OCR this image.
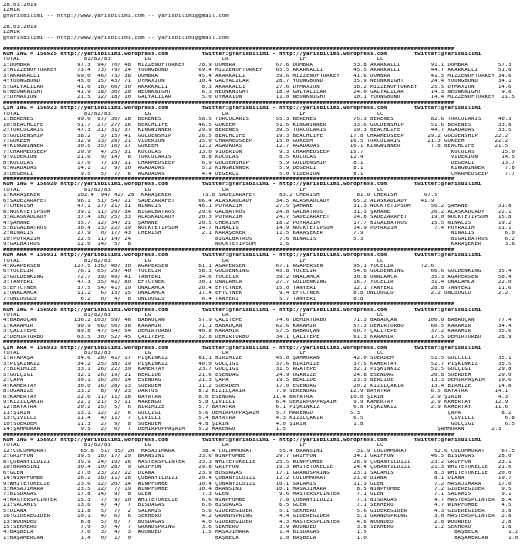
28.03.2019
İZMİR
@YarisBilimi -- http://www.yarisbilimi.com -- yarisbilimi@gmail.com
28.03.2019
İZMİR
@YarisBilimi -- http://www.yarisbilimi.com -- yarisbilimi@gmail.com
######################################################################################################################################
KUM ING = 156925 http://yarisbilimi.wordpress.com          twitter:@YarisBilimi - http://yarisbilimi.wordpress.com        twitter:@YarisBilimi
TOTAL                   81/82/83          LG                     LR                     LF                     LC
1:DOMBRA              97.3  94/ 70/ 48  MIZZENOFTURKEY    78.9 DOMBRA            67.6 DOMBRA            53.8 AKARKALLI         91.1 DOMBRA         57.3
2:MIZZENOFTURKEY      73.4  73/ 79/ 24  YOUNGBOND         69.4 MIZZENOFTURKEY    65.5 AKARKALLI         45.5 AKARKALLI         44.7 AKARKALLI      51.8
3:AKARKALLI           69.0  46/ 73/ 38  DOMBRA            45.4 AKARKALLI         39.6 MIZZENOFTURKEY    41.6 DOMBRA            41.5 MIZZENOFTURKEY 34.6
4:YOUNGBOND           45.0  15/ 43/ 71  DYMAXION          10.4 GALYALILAR        28.7 YOUNGBOND         35.9 NEONKNIGHT        24.4 YOUNGBOND      34.1
5:GALYALILAR          41.6  18/ 60/ 30  AKARKALLI          8.3 AKARKALLI         27.6 DYMAXION          38.2 MIZZENOFTURKEY    25.5 DYMAXION       14.6
6:NEONKNIGHT          41.9  18/ 30/ 20  NEONKNIGHT         6.3 NEONKNIGHT        18.9 GALYALILAR        24.0 GALYALILAR        14.3 NEONKNIGHT      9.8
7:DYMAXION            21.5  12/ 18/ 10  GALYALILAR         5.0 DYMAXION          11.0 NEONKNIGHT        10.1 YOUNGBOND         14.4 MIZZENOFTURKEY  21.5
######################################################################################################################################
ÇİM ING = 156923 http://yarisbilimi.wordpress.com          twitter:@YarisBilimi - http://yarisbilimi.wordpress.com        twitter:@YarisBilimi
TOTAL                   81/82/83          LG                     LR                     LF                     LC
1:BERENES             99.0  87/ 30/ 18  BERENES           58.5 TORCULARIS        55.3 BERENES           75.3 BERENES           82.6 TORCULARIS     40.3
10:BEACHLIFE          51.7  27/ 27/ 16  BEACHLIFE         46.5 GOKEEM            51.6 KINGWINNER        33.6 GOLDENSHIP        51.6 BERENES        33.8
2:TORCULARIS          47.3  21/ 31/ 37  KINGWINNER        29.9 BERENES           39.5 TORCULARIS        19.3 BEACHLIFE         44.7 AGADADAS       33.5
5:GOLDENSHIP          38.2   3/ 15/ 41  GOLDENSHIP        26.5 BEACHLIFE         19.3 BEACHLIFE        17.8 CHARMEDSEEP       29.2 GOLDENSHIP     22.2
7:GOKEEM              32.9  13/ 28/ 21  VIDERION          15.0 CHARMEDSEEP       15.0 GOKEEM           16.5 TORCULARIS        21.3 GOKEEM         22.2
4:KINGWINNER          30.5  35/ 10/ 17  GOKEEM            12.2 AGADADAS          12.7 AGADADAS         16.1 KINGWINNER         7.8 BEACHLIFE      21.5
7:CHARMEDSEEP         29.9   4/ 25/ 31  KOCULAS           13.0 VIDERION           9.3 CHARMEDSEEP      15.7                          KOCULAS        15.0
9:VIDERION            21.6   9/ 14/  8  TORCULARIS         8.8 KOCULAS            8.5 KOCULAS          12.4                          VIDERION       14.5
8:KOCULAS             17.6   7/ 19/ 11  CHARMEDSEEP        6.9 GOLDENSHIP         5.9 GOLDENSHIP        8.1                          DEGERLI        13.7
6:AGADADAS            14.1   1/  9/ 10  AGADADAS           5.2 KINGWINNER         5.9 DEGERLI           8.1                          KINGWINNER      7.8
3:DEGERLI              9.5   5/  7/  6  AGADADAS           4.4 DEGERLI            5.0 VIDERION          8.1                          CHARMEDSEEP     7.7
######################################################################################################################################
KUM ING = 156920 http://yarisbilimi.wordpress.com          twitter:@YarisBilimi - http://yarisbilimi.wordpress.com        twitter:@YarisBilimi
TOTAL                   81/82/83          LG                     LR                     LF                     LC
1:KARAŞEKER           102.4  94/ 42/ 28  KARAŞEKER         73.8 SADEZARAFET       83.2 CHERISH           81.0 CHERISH        67.5
6:SADEZARAFET         96.1  51/ 54/ 21  SADEZARAFET       66.4 ALASKADLADY       34.5 ALASKADLADY       65.2 ALASKADLADY    41.9
7:CHERISH             47.1  27/ 21/ 31  NINALIS           46.1 POYRAZ1M          27.5 ŞAHANE            31.3 NOCKTETIPSUM      56.2 ŞAHANE         31.8
8:NOCKTETIPSUM        39.1  11/ 29/ 34  BIGALBATROS       29.6 GALBATROS         24.8 GALBATROS         31.3 ŞAHANE            26.2 ALASKADLADY    22.1
3:ALASKADLADY         37.4  18/ 25/ 33  ALASKADLADY       20.3 POYRAZ1M          24.7 SADEZARAFET       14.8 SADEZARAFET       19.0 NOCKTETIPSUM   15.8
4:ŞAHANE              35.7  12/ 34/ 21  ŞAHANE            20.5 CHERISH           18.2 POYRAZ1M          17.7 BIGALBATROS       15.5 NINALIS        19.2
5:BIGALBATROS         30.4  13/ 22/ 19  NOCKTETIPSUM      14.7 NINALIS           14.9 NOCKTETIPSUM      14.9 POYRAZ1M           7.4 POYRAZ1M       11.1
2:NINALIS             27.9   0/ 17/ 43  CHERISH            2.1 KARAŞEKER         11.5 KARAŞEKER         7.9                          NINALIS         6.0
10:POYRAZ1M           22.5  11/ 14/ 24                         BIGALBATROS        7.6 NINALIS           5.3                          BIGALBATROS     6.2
9:GALBATROS           12.0  14/  5/  8                         NOCKTETIPSUM       1.6                                                KARAŞEKER       3.6
######################################################################################################################################
KUM ARA = 156931 http://yarisbilimi.wordpress.com          twitter:@YarisBilimi - http://yarisbilimi.wordpress.com        twitter:@YarisBilimi
TOTAL                   81/82/83          LG                     LR                     LF                     LC
4:AGAPERSEN          127.5 136/ 40/ 30  AGAPERSEN         61.1 AGAPERSEN         67.1 AGAPERSEN         95.1 YUCELIR        72.6
6:YUCELIR             76.1  65/ 29/ 40  YUCELIR           58.3 GOLDENKING        45.8 YUCELIR           54.6 GOLDENKING        66.6 GOLDENKING     35.4
2:GOLDENKING          72.7  39/ 49/ 41  TANYERI           34.6 YUCELIR           39.2 UNALAMCA          30.8 UNALAMCA          35.3 AGAPERSEN      58.4
3:TANYERI             47.3  35/ 41/ 80  EFTCTNEK          30.1 UNALAMCA          27.7 GOLDENKING        16.7 YUCELIR           31.4 UNALAMCA       22.0
5:EFTCTNEK            37.5  54/ 41/ 19  UNALAMCA          20.4 EFTCTNEK          15.0 TANYERI           12.1 TANYERI           28.8 TANYERI        11.6
1:UNALAMCA            11.2   6/ 13/ 15  UNALAMCA          17.4 EFTCTNEK           9.4 EFTCTNEK          8.8 UNLUOGLU           2.2 UNLUOGLU        2.2
7:UNLUOGLU             6.2   0/  4/  8  UNLUOGLU           6.4 TANYERI            5.7 TANYERI           8.8
######################################################################################################################################
KUM ING = 156928 http://yarisbilimi.wordpress.com          twitter:@YarisBilimi - http://yarisbilimi.wordpress.com        twitter:@YarisBilimi
TOTAL                   81/82/83          LG                     LR                     LF                     LC
4:BABAUÇAN           136.2 103/ 59/ 46  BABAUÇAN          57.9 ÇALITEPE          74.6 DEMIRTURBO        71.3 BABAUÇAN         100.0 BABAUÇAN       77.4
1:KARAMIR             90.9  66/ 50/ 38  KARAMIR           71.1 BABAUÇAN          62.6 KARAMIR           57.3 DEMIRTURBO        60.5 KARAMIR        34.4
3:ÇALITEPE            89.8  47/ 54/ 54  DEMIRTURBO        40.8 KARAMIR           57.5 BABAUÇAN          60.7 ÇALITEPE          37.2 KARAMIR        35.6
2:DEMIRTURBO          63.5  30/ 52/ 45  ÇALITEPE          32.8 DEMIRTURBO        34.1 ÇALITEPE          61.3 KARAMIR           17.5 DEMIRTURBO     28.9
######################################################################################################################################
ÇİM ARA = 156933 http://yarisbilimi.wordpress.com          twitter:@YarisBilimi - http://yarisbilimi.wordpress.com        twitter:@YarisBilimi
TOTAL                   81/82/83          LG                     LR                     LF                     LC
1:ATAPAŞA             34.6  28/ 41/ 17  PIŞKINKIZ         81.1 BIRIMIZE          45.0 ŞAHMURAN          42.0 SUERDEM           51.5 GULCILI        35.1
3:PIŞKINKIZ           34.2  25/ 38/ 19  PIŞKINKIZ         40.0 GULÇIĞI           37.6 BIRIMIZE          37.5 KAMERTAY          52.7 PIŞKINKIZ      35.5
7:BIRIMIZE            33.1  26/ 22/ 39  KAMERTAY          23.7 GULÇIĞI           31.5 AGATEPE           32.1 PIŞKINKIZ         51.5 GULÇIĞI        29.8
5:GULÇIĞI             32.1  26/ 19/ 21  BERLIDE           21.6 ESENDAĞ           24.9 UGAN1ZE           24.8 ESENDAĞ           20.8 SUERDEM        29.0
2:ÇAPA                30.1  16/ 20/ 14  ESENDAĞ           21.3 ÇAPA              19.5 BERLIDE           23.3 BERLIDE           13.3 DEMIRPAŞAIM    19.6
4:KAMERTAY            30.0  16/ 28/ 13  SUERDEM           11.2 SUERDEM           17.0 ESENDAĞ           20.2 KIZILÇAKIR        13.4 BIRMIZE        14.8
8:UGANIZE             23.2   8/  9/ 23  DARTUS            8.2 KIZILÇAKIR         7.9 SERENDAĞ          12.9 BAYATRA            6.5 BAYATRA        14.1
6:KAMERTAY            22.6  11/ 11/ 18  BAYATRA           8.0 ESENDAĞ           11.4 BAYATRA           10.8 ŞIRIN              2.9 ŞIRIN           4.3
9:KIZILÇAKIR          22.1  21/  5/ 11  MARENGO           5.8 ÇIVILLI            6.4 DEMIRPOPPAŞAIM     9.9 KAMERTAY           2.9 KAMERTAY       12.9
12:BAYATRA            20.2  15/  5/  6  BIRIMIZE          5.7 BAYATRA            6.1 PIŞKINKIZ          6.8 PIŞKINKIZ          2.9 KAMERTAY       11.6
11:ŞIRIN              13.1  12/  2/  6  GULÇIĞI           5.6 DEMIRPOPPAŞAIM     5.7 MARENGO           5.3                          ÇAPA            8.2
13:ÇIVILLI            11.4   4/ 11/  7  ÇIVILLI           5.4 BAYATRA            4.3 KIZILÇAKIR         6.5                          ÇIVILLI         6.8
10:SUERDEM            11.3   2/  9/  8  SUERDEM           4.8 ŞIRIN              4.0 ŞIRIN              1.8                          GULÇIĞI         6.5
14:ŞAHMURAN            9.5   2/  0/  7  DEMIRPOPPAŞAIM    5.2 MARENGO            1.5                                             ŞAHMURAN        2.3
######################################################################################################################################
KUM ING = 156927 http://yarisbilimi.wordpress.com          twitter:@YarisBilimi - http://yarisbilimi.wordpress.com        twitter:@YarisBilimi
TOTAL                   81/82/83          LG                     LR                     LF                     LC
12:COLUMMURAT          65.8  51/ 35/ 20  MASAJIMARA        38.4 COLUMMURAT        55.4 BRANSINI          31.9 COLUMMURAT        52.6 COLUMMURAT     67.5
2:GRIFFON             39.5  18/ 17/ 29  BRANSINI          33.6 WINPFOMBE         29.7 GRIFFON           34.1 GRIFFON           46.5 BISDAGAS       28.0
8:ÇOBANYILDIZI        35.9  24/ 19/ 16  MASTERSPLINTER    33.3 WHITETOKELIE      25.5 WINPFOMBE         28.9 ÇOBANYILDIZI      23.2 GRIFFON        23.1
10:BRANSINI           30.4  10/ 28/  9  GRIFFON           29.8 GRIFFON           19.3 WHITETOKELIE      24.4 ÇOBANYILDIZI      21.3 WHITETOKELIE   21.6
6:GLEN                27.0  23/ 22/ 22  DIANA             23.9 BUSDAGAS          17.1 GRANDSPRING       23.1 SALAMIS            8.3 WHITETOKELIE   20.0
14:WINPFOMBE          26.2  18/ 11/ 18  ÇOBANYILDIZI      20.4 ÇOBANYILDIZI      12.2 COLUMMURAT        21.0 DIANA              8.1 DIANA          19.7
9:WHITETOKELIE        23.6  12/ 20/ 14  WINPFOMBE         10.4 ÇOBANYILDIZI      10.1 SALAMIS           11.3 GLEN               7.2 MASAJIMARA     17.0
3:MASAJIMARA          23.5  12/  7/ 19  WINPFOMBE         10.4 BRANSINI          10.1 MASAJIMARA         8.5 WINPFOMBE          7.2 GIDEREGIDER     9.5
7:BISDAGAS            17.8  14/  9/  8  GLEN               7.3 GLEN               9.6 MASTERSPLINTER     7.1 GLEN               7.1 SALAMIS         9.1
4:MASTERSPLINTER      15.3   7/  9/ 10  WHITETOKELIE       6.6 WINPFOMBE          7.8 ÇOBANYILDIZI       7.1 BISDAGAS           4.7 MASTERSPLINTER  8.4
11:SALAMIS            13.6   4/  4/  7  BISDAGAS           6.6 BISDAGAS           6.5 GLEN               7.1 SEKHERO            4.7 WINPFOMBE       4.5
5:DIANA               11.8   5/  7/  2  SALAMIS            5.6 GIDEREGIDER        5.1 SEKHERO            5.6 GIDEREGIDER        4.3 GIDEREGIDER     3.8
16:GIDEREGIDER        10.1   4/  6/  6  SEKHERO            4.2 GRANDSPRING        4.4 GIDEREGIDER        5.1 GRANDSPRING        3.0 MASTERSPLINTER  2.8
13:WOUNDED             8.8   5/  0/  7  BUSDAGAS           4.0 GIDEREGIDER        4.3 MASTERSPLINTER     4.6 WOUNDED            2.8 WOUNDED         2.8
15:SEKHERO             7.9   3/  4/  7  GRANDSPRING        3.6 SEKHERO            3.9 WOUNDED            3.8 SEKHERO            1.2 SEKHERO         1.8
4:BAŞBELA              7.0   3/  4/  3  WOUNDED            1.5 MASAJIMARA         1.4 BISDAGAS           1.5                          BAŞBELA         1.2
1:BAŞAMERCAN           1.4   0/  1/  0                         BAŞBELA            1.0 BAŞBELA            1.0                          BAŞAMERCAN      1.0
